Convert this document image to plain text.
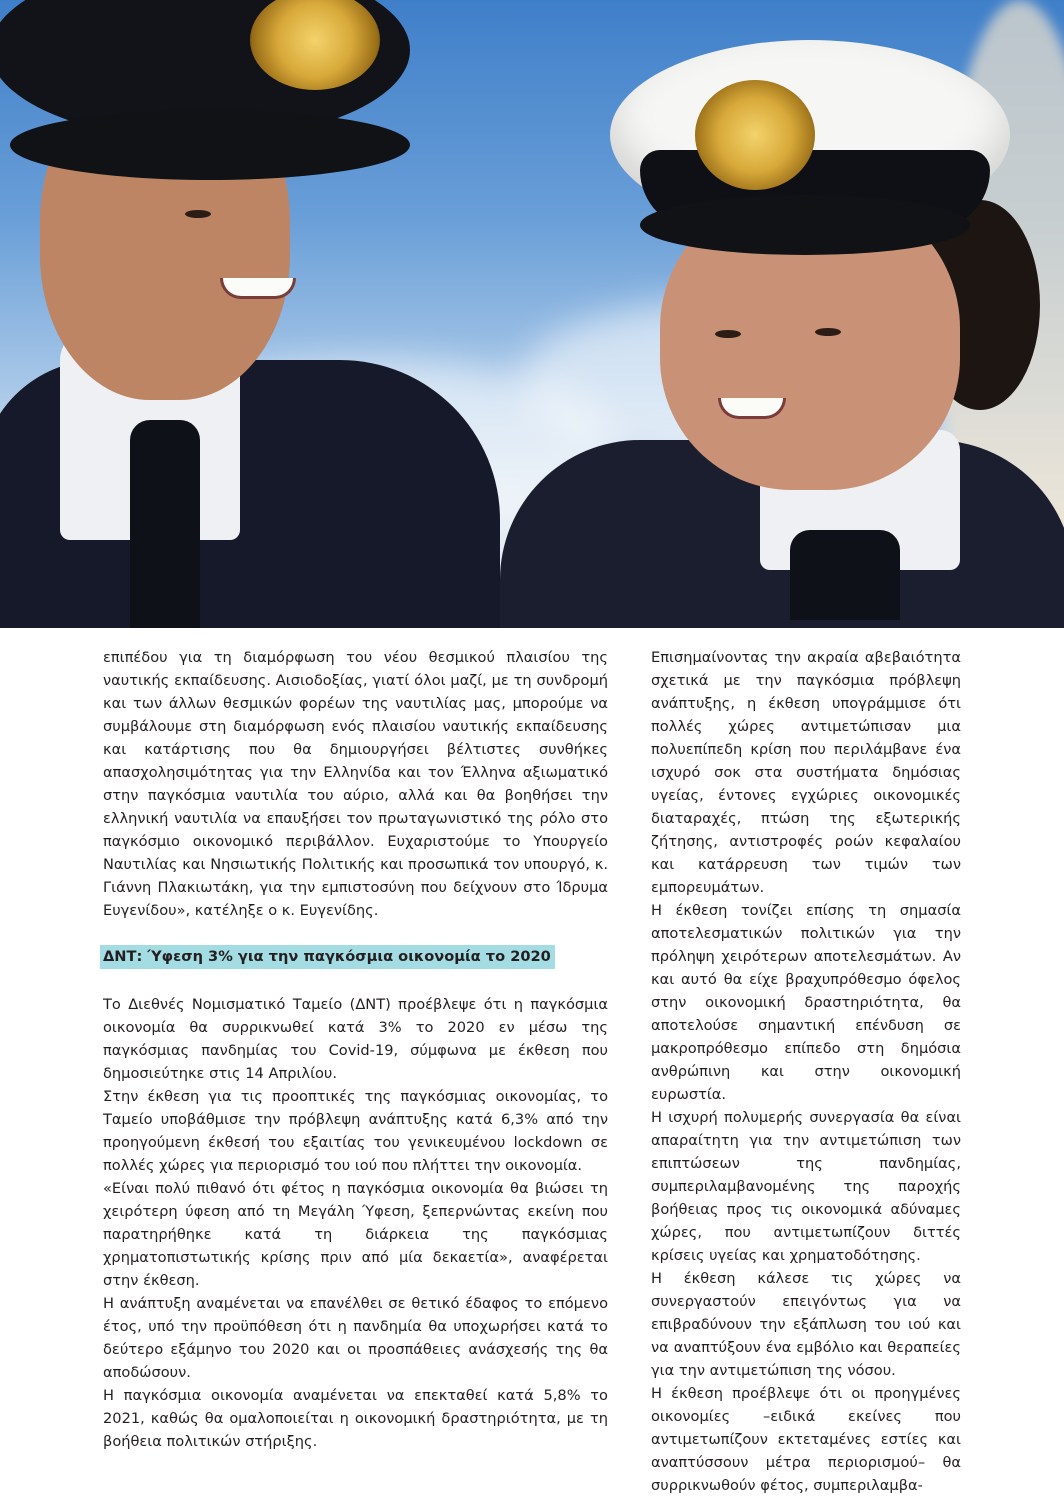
επιπέδου για τη διαμόρφωση του νέου θεσμικού πλαισίου της ναυτικής εκπαίδευσης. Αισιοδοξίας, γιατί όλοι μαζί, με τη συνδρομή και των άλλων θεσμικών φορέων της ναυτιλίας μας, μπορούμε να συμβάλουμε στη διαμόρφωση ενός πλαισίου ναυτικής εκπαίδευσης και κατάρτισης που θα δημιουργήσει βέλτιστες συνθήκες απασχολησιμότητας για την Ελληνίδα και τον Έλληνα αξιωματικό στην παγκόσμια ναυτιλία του αύριο, αλλά και θα βοηθήσει την ελληνική ναυτιλία να επαυξήσει τον πρωταγωνιστικό της ρόλο στο παγκόσμιο οικονομικό περιβάλλον. Ευχαριστούμε το Υπουργείο Ναυτιλίας και Νησιωτικής Πολιτικής και προσωπικά τον υπουργό, κ. Γιάννη Πλακιωτάκη, για την εμπιστοσύνη που δείχνουν στο Ίδρυμα Ευγενίδου», κατέληξε ο κ. Ευγενίδης.

ΔΝΤ: Ύφεση 3% για την παγκόσμια οικονομία το 2020

Το Διεθνές Νομισματικό Ταμείο (ΔΝΤ) προέβλεψε ότι η παγκόσμια οικονομία θα συρρικνωθεί κατά 3% το 2020 εν μέσω της παγκόσμιας πανδημίας του Covid-19, σύμφωνα με έκθεση που δημοσιεύτηκε στις 14 Απριλίου.

Στην έκθεση για τις προοπτικές της παγκόσμιας οικονομίας, το Ταμείο υποβάθμισε την πρόβλεψη ανάπτυξης κατά 6,3% από την προηγούμενη έκθεσή του εξαιτίας του γενικευμένου lockdown σε πολλές χώρες για περιορισμό του ιού που πλήττει την οικονομία.

«Είναι πολύ πιθανό ότι φέτος η παγκόσμια οικονομία θα βιώσει τη χειρότερη ύφεση από τη Μεγάλη Ύφεση, ξεπερνώντας εκείνη που παρατηρήθηκε κατά τη διάρκεια της παγκόσμιας χρηματοπιστωτικής κρίσης πριν από μία δεκαετία», αναφέρεται στην έκθεση.

Η ανάπτυξη αναμένεται να επανέλθει σε θετικό έδαφος το επόμενο έτος, υπό την προϋπόθεση ότι η πανδημία θα υποχωρήσει κατά το δεύτερο εξάμηνο του 2020 και οι προσπάθειες ανάσχεσής της θα αποδώσουν.

Η παγκόσμια οικονομία αναμένεται να επεκταθεί κατά 5,8% το 2021, καθώς θα ομαλοποιείται η οικονομική δραστηριότητα, με τη βοήθεια πολιτικών στήριξης.

Επισημαίνοντας την ακραία αβεβαιότητα σχετικά με την παγκόσμια πρόβλεψη ανάπτυξης, η έκθεση υπογράμμισε ότι πολλές χώρες αντιμετώπισαν μια πολυεπίπεδη κρίση που περιλάμβανε ένα ισχυρό σοκ στα συστήματα δημόσιας υγείας, έντονες εγχώριες οικονομικές διαταραχές, πτώση της εξωτερικής ζήτησης, αντιστροφές ροών κεφαλαίου και κατάρρευση των τιμών των εμπορευμάτων.

Η έκθεση τονίζει επίσης τη σημασία αποτελεσματικών πολιτικών για την πρόληψη χειρότερων αποτελεσμάτων. Αν και αυτό θα είχε βραχυπρόθεσμο όφελος στην οικονομική δραστηριότητα, θα αποτελούσε σημαντική επένδυση σε μακροπρόθεσμο επίπεδο στη δημόσια ανθρώπινη και στην οικονομική ευρωστία.

Η ισχυρή πολυμερής συνεργασία θα είναι απαραίτητη για την αντιμετώπιση των επιπτώσεων της πανδημίας, συμπεριλαμβανομένης της παροχής βοήθειας προς τις οικονομικά αδύναμες χώρες, που αντιμετωπίζουν διττές κρίσεις υγείας και χρηματοδότησης.

Η έκθεση κάλεσε τις χώρες να συνεργαστούν επειγόντως για να επιβραδύνουν την εξάπλωση του ιού και να αναπτύξουν ένα εμβόλιο και θεραπείες για την αντιμετώπιση της νόσου.

Η έκθεση προέβλεψε ότι οι προηγμένες οικονομίες –ειδικά εκείνες που αντιμετωπίζουν εκτεταμένες εστίες και αναπτύσσουν μέτρα περιορισμού– θα συρρικνωθούν φέτος, συμπεριλαμβα-
